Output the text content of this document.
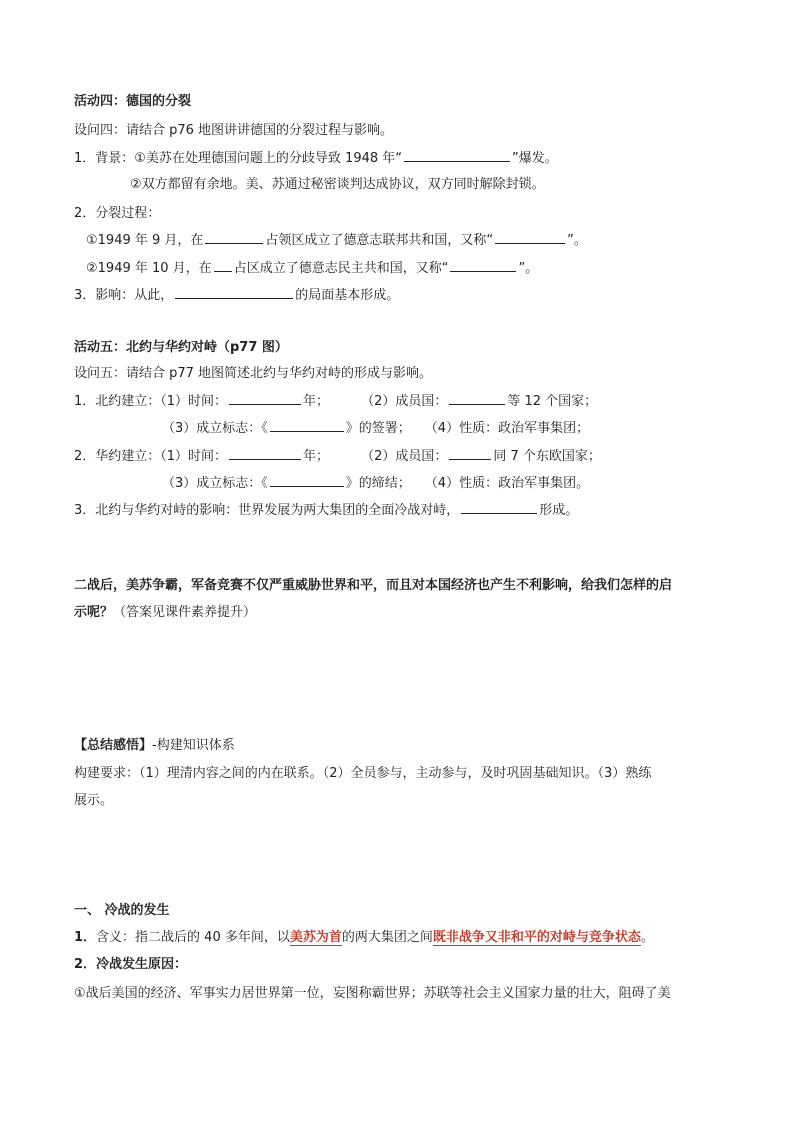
活动四：德国的分裂
设问四：请结合 p76 地图讲讲德国的分裂过程与影响。
1．背景：①美苏在处理德国问题上的分歧导致 1948 年“	”爆发。
②双方都留有余地。美、苏通过秘密谈判达成协议，双方同时解除封锁。
2．分裂过程：
①1949 年 9 月，在	占领区成立了德意志联邦共和国，又称“	”。
②1949 年 10 月，在 占区成立了德意志民主共和国，又称“	”。
3．影响：从此，	的局面基本形成。
活动五：北约与华约对峙（p77 图）
设问五：请结合 p77 地图简述北约与华约对峙的形成与影响。
1．北约建立：（1）时间：	年； （2）成员国：	等 12 个国家；
（3）成立标志：《	》的签署； （4）性质：政治军事集团；
2．华约建立：（1）时间：	年； （2）成员国：	同 7 个东欧国家；
（3）成立标志：《	》的缔结； （4）性质：政治军事集团。
3．北约与华约对峙的影响：世界发展为两大集团的全面冷战对峙，	形成。
二战后，美苏争霸，军备竞赛不仅严重威胁世界和平，而且对本国经济也产生不利影响，给我们怎样的启
示呢？（答案见课件素养提升）
【总结感悟】-构建知识体系
构建要求：（1）理清内容之间的内在联系。（2）全员参与，主动参与，及时巩固基础知识。（3）熟练
展示。
一、 冷战的发生
1．含义：指二战后的 40 多年间，以美苏为首的两大集团之间既非战争又非和平的对峙与竞争状态。
2．冷战发生原因：
①战后美国的经济、军事实力居世界第一位，妄图称霸世界；苏联等社会主义国家力量的壮大，阻碍了美
